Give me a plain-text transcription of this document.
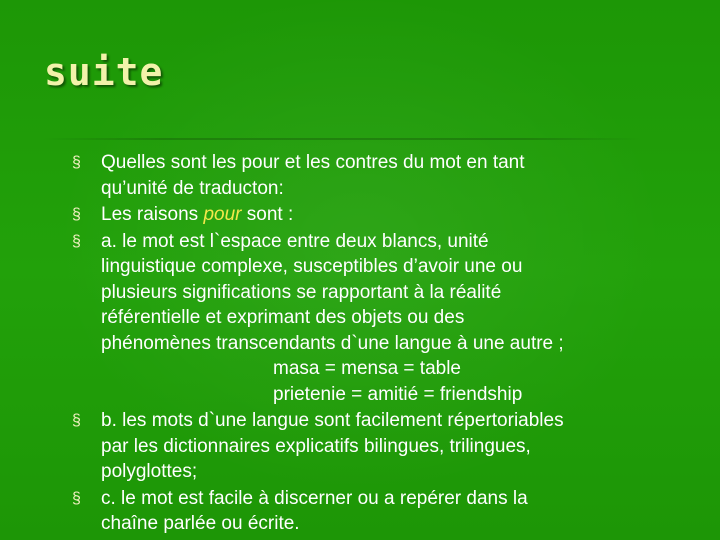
suite
§	Quelles sont les pour et les contres du mot en tant
qu’unité de traducton:
§	Les raisons pour sont :
§	a. le mot est l`espace entre deux blancs, unité
linguistique complexe, susceptibles d’avoir une ou
plusieurs significations se rapportant à la réalité
référentielle et exprimant des objets ou des
phénomènes transcendants d`une langue à une autre ;
masa = mensa = table
prietenie = amitié = friendship
§	b. les mots d`une langue sont facilement répertoriables
par les dictionnaires explicatifs bilingues, trilingues,
polyglottes;
§	c. le mot est facile à discerner ou a repérer dans la
chaîne parlée ou écrite.
